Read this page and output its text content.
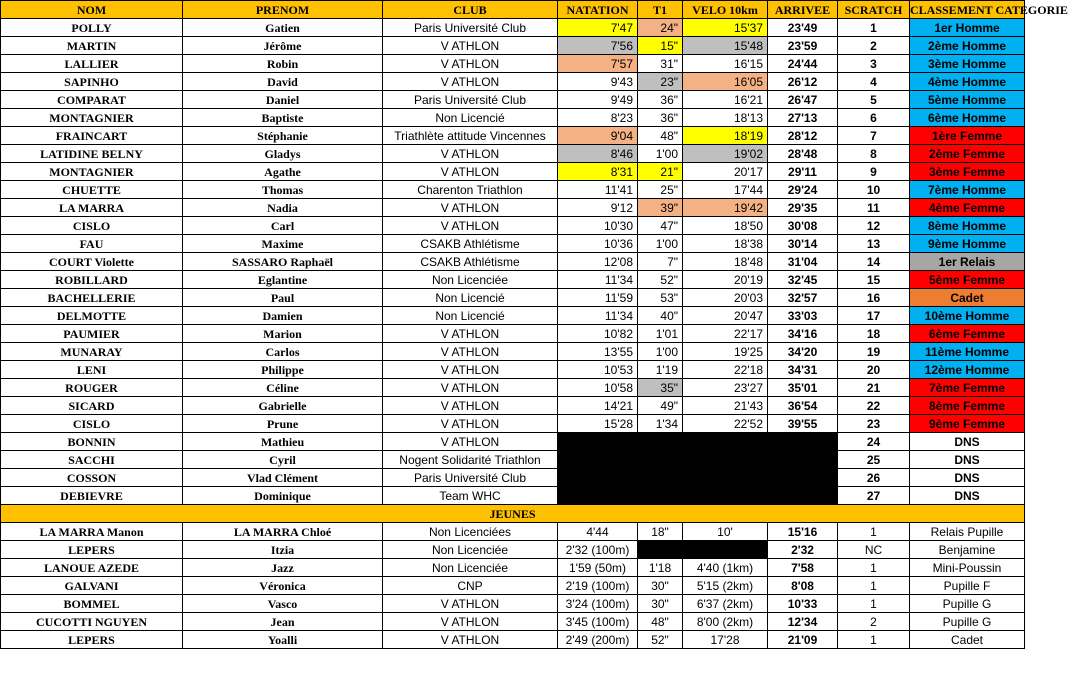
NOM	PRENOM	CLUB	NATATION	T1	VELO 10km	ARRIVEE	SCRATCH	CLASSEMENT CATEGORIE
POLLY	Gatien	Paris Université Club	7'47	24"	15'37	23'49	1	1er Homme
MARTIN	Jérôme	V ATHLON	7'56	15"	15'48	23'59	2	2ème Homme
LALLIER	Robin	V ATHLON	7'57	31"	16'15	24'44	3	3ème Homme
SAPINHO	David	V ATHLON	9'43	23"	16'05	26'12	4	4ème Homme
COMPARAT	Daniel	Paris Université Club	9'49	36"	16'21	26'47	5	5ème Homme
MONTAGNIER	Baptiste	Non Licencié	8'23	36"	18'13	27'13	6	6ème Homme
FRAINCART	Stéphanie	Triathlète attitude Vincennes	9'04	48"	18'19	28'12	7	1ère Femme
LATIDINE BELNY	Gladys	V ATHLON	8'46	1'00	19'02	28'48	8	2ème Femme
MONTAGNIER	Agathe	V ATHLON	8'31	21"	20'17	29'11	9	3ème Femme
CHUETTE	Thomas	Charenton Triathlon	11'41	25"	17'44	29'24	10	7ème Homme
LA MARRA	Nadia	V ATHLON	9'12	39"	19'42	29'35	11	4ème Femme
CISLO	Carl	V ATHLON	10'30	47"	18'50	30'08	12	8ème Homme
FAU	Maxime	CSAKB Athlétisme	10'36	1'00	18'38	30'14	13	9ème Homme
COURT Violette	SASSARO Raphaël	CSAKB Athlétisme	12'08	7"	18'48	31'04	14	1er Relais
ROBILLARD	Eglantine	Non Licenciée	11'34	52"	20'19	32'45	15	5ème Femme
BACHELLERIE	Paul	Non Licencié	11'59	53"	20'03	32'57	16	Cadet
DELMOTTE	Damien	Non Licencié	11'34	40"	20'47	33'03	17	10ème Homme
PAUMIER	Marion	V ATHLON	10'82	1'01	22'17	34'16	18	6ème Femme
MUNARAY	Carlos	V ATHLON	13'55	1'00	19'25	34'20	19	11ème Homme
LENI	Philippe	V ATHLON	10'53	1'19	22'18	34'31	20	12ème Homme
ROUGER	Céline	V ATHLON	10'58	35"	23'27	35'01	21	7ème Femme
SICARD	Gabrielle	V ATHLON	14'21	49"	21'43	36'54	22	8ème Femme
CISLO	Prune	V ATHLON	15'28	1'34	22'52	39'55	23	9ème Femme
BONNIN	Mathieu	V ATHLON					24	DNS
SACCHI	Cyril	Nogent Solidarité Triathlon					25	DNS
COSSON	Vlad Clément	Paris Université Club					26	DNS
DEBIEVRE	Dominique	Team WHC					27	DNS
JEUNES								
LA MARRA Manon	LA MARRA Chloé	Non Licenciées	4'44	18"	10'	15'16	1	Relais Pupille
LEPERS	Itzia	Non Licenciée	2'32 (100m)			2'32	NC	Benjamine
LANOUE AZEDE	Jazz	Non Licenciée	1'59 (50m)	1'18	4'40 (1km)	7'58	1	Mini-Poussin
GALVANI	Véronica	CNP	2'19 (100m)	30"	5'15 (2km)	8'08	1	Pupille F
BOMMEL	Vasco	V ATHLON	3'24 (100m)	30"	6'37 (2km)	10'33	1	Pupille G
CUCOTTI NGUYEN	Jean	V ATHLON	3'45 (100m)	48"	8'00 (2km)	12'34	2	Pupille G
LEPERS	Yoalli	V ATHLON	2'49 (200m)	52"	17'28	21'09	1	Cadet
